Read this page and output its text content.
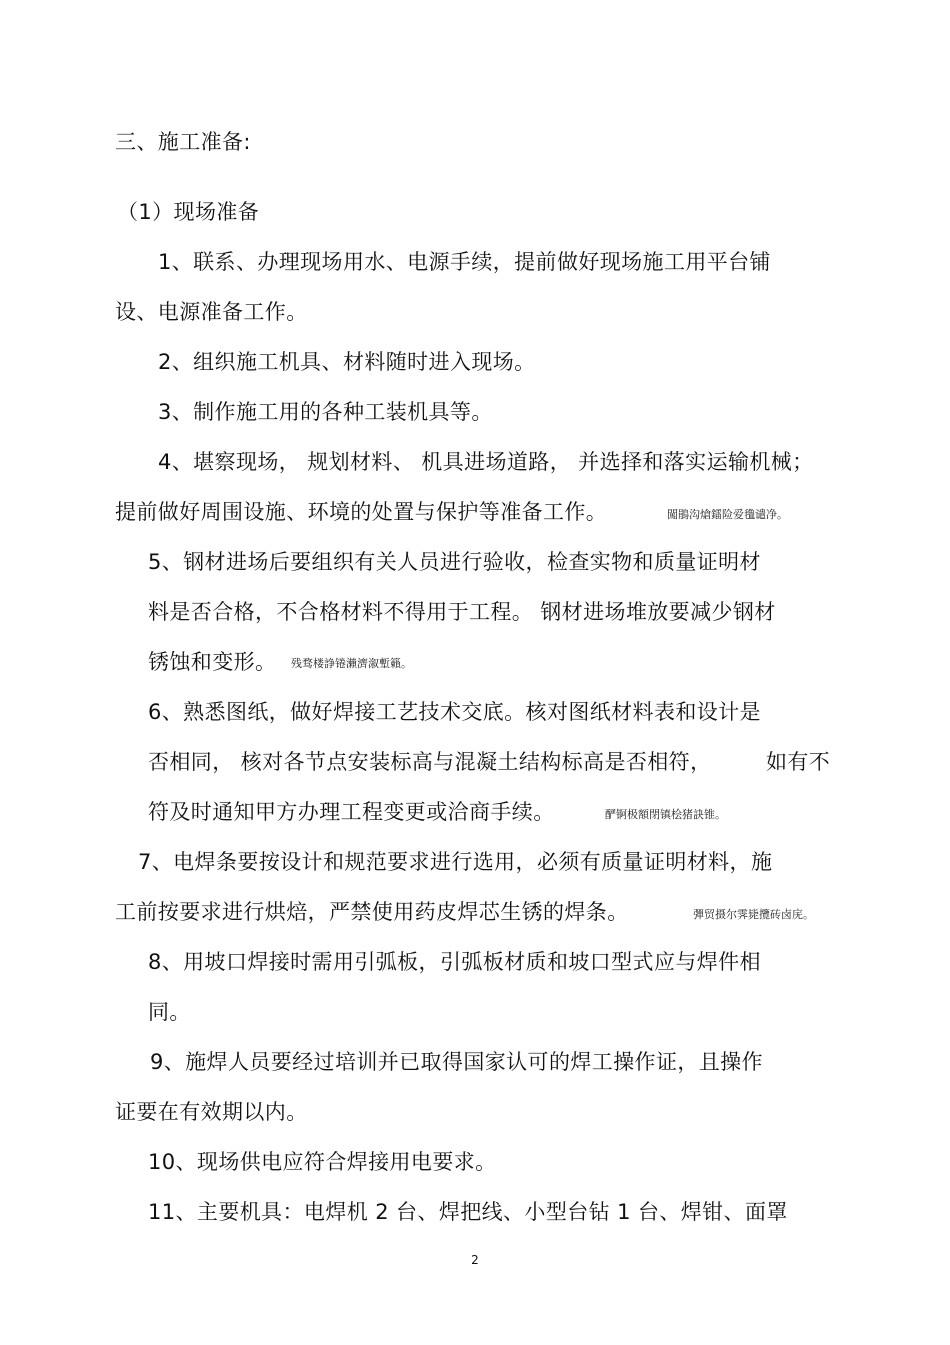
三、施工准备:

（1）现场准备

1、联系、办理现场用水、电源手续，提前做好现场施工用平台铺

设、电源准备工作。

2、组织施工机具、材料随时进入现场。

3、制作施工用的各种工装机具等。

4、堪察现场， 规划材料、 机具进场道路， 并选择和落实运输机械；

提前做好周围设施、环境的处置与保护等准备工作。	闖鵑沟熗鐳险爱氇谴净。

5、钢材进场后要组织有关人员进行验收，检查实物和质量证明材

料是否合格，不合格材料不得用于工程。 钢材进场堆放要减少钢材

锈蚀和变形。 残骛楼諍锩瀨濟溆塹籟。

6、熟悉图纸，做好焊接工艺技术交底。核对图纸材料表和设计是

否相同， 核对各节点安装标高与混凝土结构标高是否相符，	如有不

符及时通知甲方办理工程变更或洽商手续。	酽锕极額閉镇桧猪訣锥。

7、电焊条要按设计和规范要求进行选用，必须有质量证明材料，施

工前按要求进行烘焙，严禁使用药皮焊芯生锈的焊条。	彈贸摄尔霁毙攬砖卤庑。

8、用坡口焊接时需用引弧板，引弧板材质和坡口型式应与焊件相

同。

9、施焊人员要经过培训并已取得国家认可的焊工操作证，且操作

证要在有效期以内。

10、现场供电应符合焊接用电要求。

11、主要机具：电焊机 2 台、焊把线、小型台钻 1 台、焊钳、面罩

2
